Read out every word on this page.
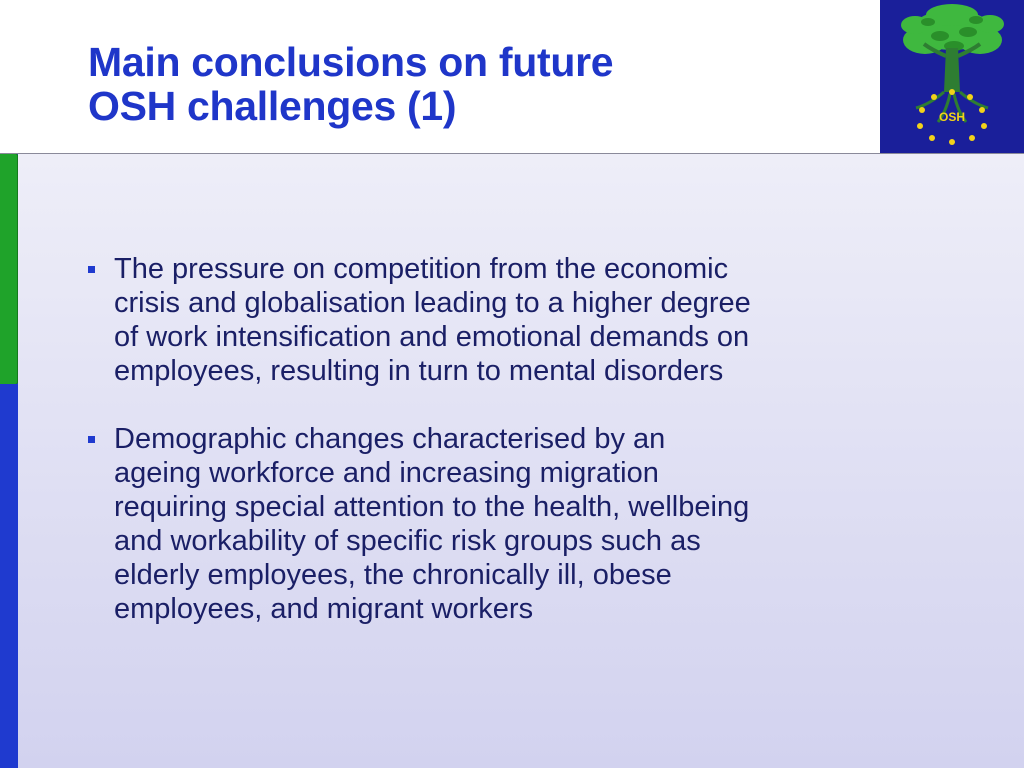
Main conclusions on future
OSH challenges (1)	OSH
The pressure on competition from the economic
crisis and globalisation leading to a higher degree
of work intensification and emotional demands on
employees, resulting in turn to mental disorders
Demographic changes characterised by an
ageing workforce and increasing migration
requiring special attention to the health, wellbeing
and workability of specific risk groups such as
elderly employees, the chronically ill, obese
employees, and migrant workers
